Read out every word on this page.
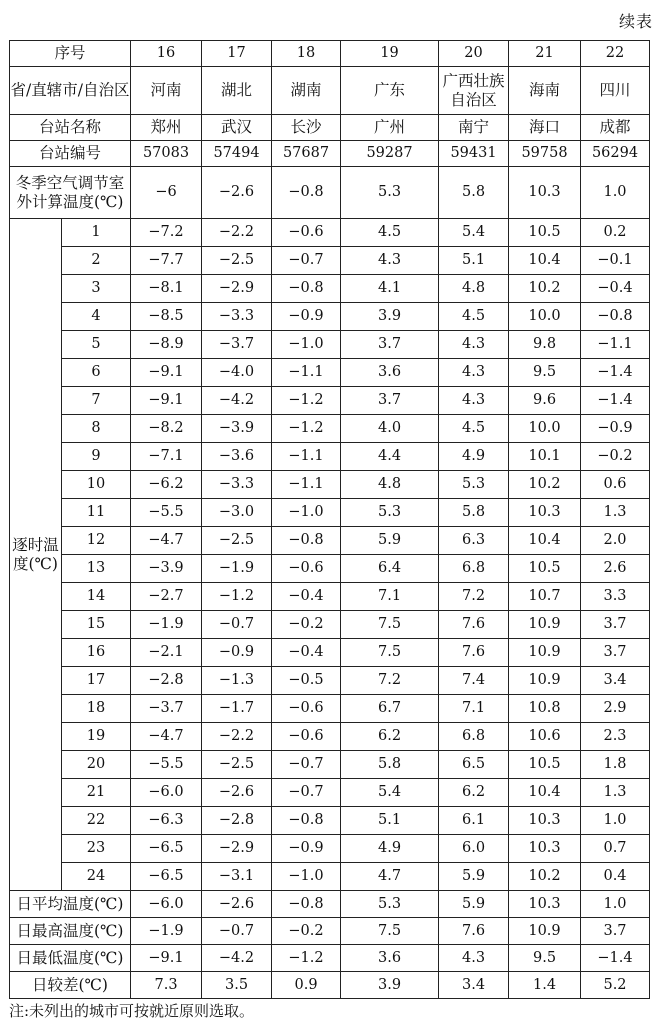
续表
序号		16	17	18	19	20	21	22
省/直辖市/自治区		河南	湖北	湖南	广东	广西壮族自治区	海南	四川
台站名称		郑州	武汉	长沙	广州	南宁	海口	成都
台站编号		57083	57494	57687	59287	59431	59758	56294
冬季空气调节室外计算温度(℃)		−6	−2.6	−0.8	5.3	5.8	10.3	1.0
逐时温度(℃)	1	−7.2	−2.2	−0.6	4.5	5.4	10.5	0.2
	2	−7.7	−2.5	−0.7	4.3	5.1	10.4	−0.1
	3	−8.1	−2.9	−0.8	4.1	4.8	10.2	−0.4
	4	−8.5	−3.3	−0.9	3.9	4.5	10.0	−0.8
	5	−8.9	−3.7	−1.0	3.7	4.3	9.8	−1.1
	6	−9.1	−4.0	−1.1	3.6	4.3	9.5	−1.4
	7	−9.1	−4.2	−1.2	3.7	4.3	9.6	−1.4
	8	−8.2	−3.9	−1.2	4.0	4.5	10.0	−0.9
	9	−7.1	−3.6	−1.1	4.4	4.9	10.1	−0.2
	10	−6.2	−3.3	−1.1	4.8	5.3	10.2	0.6
	11	−5.5	−3.0	−1.0	5.3	5.8	10.3	1.3
	12	−4.7	−2.5	−0.8	5.9	6.3	10.4	2.0
	13	−3.9	−1.9	−0.6	6.4	6.8	10.5	2.6
	14	−2.7	−1.2	−0.4	7.1	7.2	10.7	3.3
	15	−1.9	−0.7	−0.2	7.5	7.6	10.9	3.7
	16	−2.1	−0.9	−0.4	7.5	7.6	10.9	3.7
	17	−2.8	−1.3	−0.5	7.2	7.4	10.9	3.4
	18	−3.7	−1.7	−0.6	6.7	7.1	10.8	2.9
	19	−4.7	−2.2	−0.6	6.2	6.8	10.6	2.3
	20	−5.5	−2.5	−0.7	5.8	6.5	10.5	1.8
	21	−6.0	−2.6	−0.7	5.4	6.2	10.4	1.3
	22	−6.3	−2.8	−0.8	5.1	6.1	10.3	1.0
	23	−6.5	−2.9	−0.9	4.9	6.0	10.3	0.7
	24	−6.5	−3.1	−1.0	4.7	5.9	10.2	0.4
日平均温度(℃)		−6.0	−2.6	−0.8	5.3	5.9	10.3	1.0
日最高温度(℃)		−1.9	−0.7	−0.2	7.5	7.6	10.9	3.7
日最低温度(℃)		−9.1	−4.2	−1.2	3.6	4.3	9.5	−1.4
日较差(℃)		7.3	3.5	0.9	3.9	3.4	1.4	5.2
注:未列出的城市可按就近原则选取。
